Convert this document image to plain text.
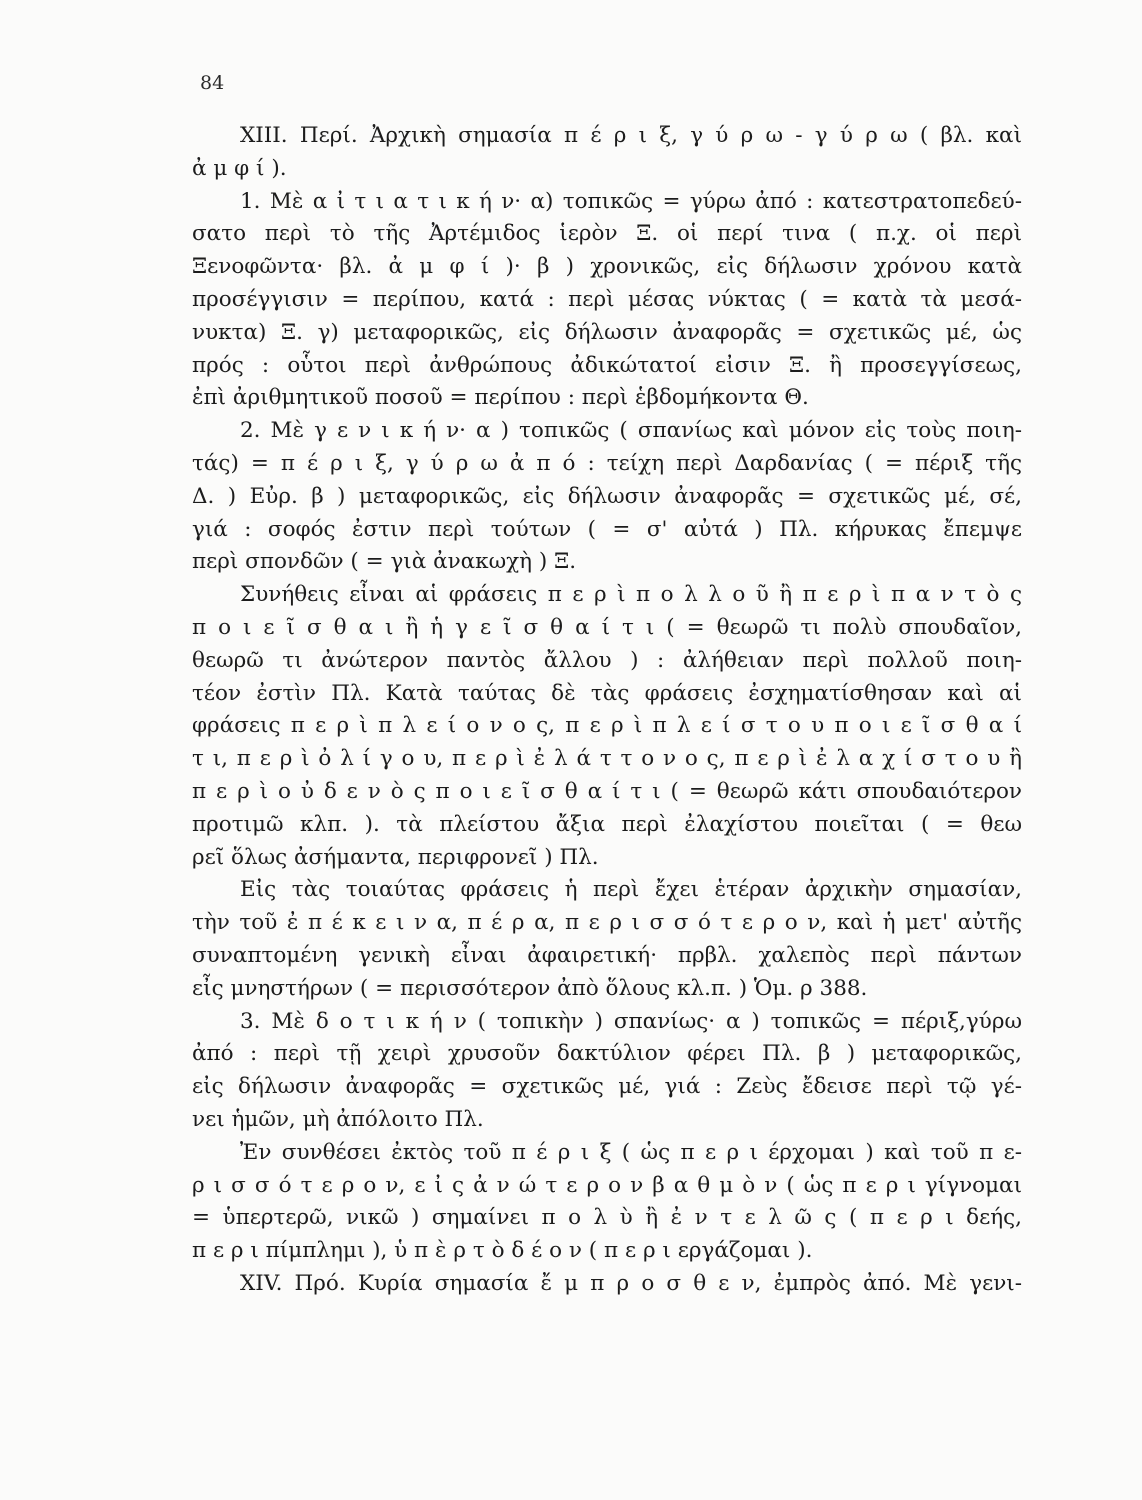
84
XIII. Περί. Ἀρχικὴ σημασία π έ ρ ι ξ, γ ύ ρ ω - γ ύ ρ ω ( βλ. καὶ
ἀ μ φ ί ).
1. Μὲ α ἰ τ ι α τ ι κ ή ν· α) τοπικῶς = γύρω ἀπό : κατεστρατοπεδεύ-
σατο περὶ τὸ τῆς Ἀρτέμιδος ἱερὸν Ξ. οἱ περί τινα ( π.χ. οἱ περὶ
Ξενοφῶντα· βλ. ἀ μ φ ί )· β ) χρονικῶς, εἰς δήλωσιν χρόνου κατὰ
προσέγγισιν = περίπου, κατά : περὶ μέσας νύκτας ( = κατὰ τὰ μεσά-
νυκτα) Ξ. γ) μεταφορικῶς, εἰς δήλωσιν ἀναφορᾶς = σχετικῶς μέ, ὡς
πρός : οὗτοι περὶ ἀνθρώπους ἀδικώτατοί εἰσιν Ξ. ἢ προσεγγίσεως,
ἐπὶ ἀριθμητικοῦ ποσοῦ = περίπου : περὶ ἑβδομήκοντα Θ.
2. Μὲ γ ε ν ι κ ή ν· α ) τοπικῶς ( σπανίως καὶ μόνον εἰς τοὺς ποιη-
τάς) = π έ ρ ι ξ, γ ύ ρ ω ἀ π ό : τείχη περὶ Δαρδανίας ( = πέριξ τῆς
Δ. ) Εὐρ. β ) μεταφορικῶς, εἰς δήλωσιν ἀναφορᾶς = σχετικῶς μέ, σέ,
γιά : σοφός ἐστιν περὶ τούτων ( = σ' αὐτά ) Πλ. κήρυκας ἔπεμψε
περὶ σπονδῶν ( = γιὰ ἀνακωχὴ ) Ξ.
Συνήθεις εἶναι αἱ φράσεις π ε ρ ὶ π ο λ λ ο ῦ ἢ π ε ρ ὶ π α ν τ ὸ ς
π ο ι ε ῖ σ θ α ι ἢ ἡ γ ε ῖ σ θ α ί τ ι ( = θεωρῶ τι πολὺ σπουδαῖον,
θεωρῶ τι ἀνώτερον παντὸς ἄλλου ) : ἀλήθειαν περὶ πολλοῦ ποιη-
τέον ἐστὶν Πλ. Κατὰ ταύτας δὲ τὰς φράσεις ἐσχηματίσθησαν καὶ αἱ
φράσεις π ε ρ ὶ π λ ε ί ο ν ο ς, π ε ρ ὶ π λ ε ί σ τ ο υ π ο ι ε ῖ σ θ α ί
τ ι, π ε ρ ὶ ὀ λ ί γ ο υ, π ε ρ ὶ ἐ λ ά τ τ ο ν ο ς, π ε ρ ὶ ἐ λ α χ ί σ τ ο υ ἢ
π ε ρ ὶ ο ὐ δ ε ν ὸ ς π ο ι ε ῖ σ θ α ί τ ι ( = θεωρῶ κάτι σπουδαιότερον
προτιμῶ κλπ. ). τὰ πλείστου ἄξια περὶ ἐλαχίστου ποιεῖται ( = θεω
ρεῖ ὅλως ἀσήμαντα, περιφρονεῖ ) Πλ.
Εἰς τὰς τοιαύτας φράσεις ἡ περὶ ἔχει ἑτέραν ἀρχικὴν σημασίαν,
τὴν τοῦ ἐ π έ κ ε ι ν α, π έ ρ α, π ε ρ ι σ σ ό τ ε ρ ο ν, καὶ ἡ μετ' αὐτῆς
συναπτομένη γενικὴ εἶναι ἀφαιρετική· πρβλ. χαλεπὸς περὶ πάντων
εἶς μνηστήρων ( = περισσότερον ἀπὸ ὅλους κλ.π. ) Ὁμ. ρ 388.
3. Μὲ δ ο τ ι κ ή ν ( τοπικὴν ) σπανίως· α ) τοπικῶς = πέριξ,γύρω
ἀπό : περὶ τῇ χειρὶ χρυσοῦν δακτύλιον φέρει Πλ. β ) μεταφορικῶς,
εἰς δήλωσιν ἀναφορᾶς = σχετικῶς μέ, γιά : Ζεὺς ἔδεισε περὶ τῷ γέ-
νει ἡμῶν, μὴ ἀπόλοιτο Πλ.
Ἐν συνθέσει ἐκτὸς τοῦ π έ ρ ι ξ ( ὡς π ε ρ ι έρχομαι ) καὶ τοῦ π ε-
ρ ι σ σ ό τ ε ρ ο ν, ε ἰ ς ἀ ν ώ τ ε ρ ο ν β α θ μ ὸ ν ( ὡς π ε ρ ι γίγνομαι
= ὑπερτερῶ, νικῶ ) σημαίνει π ο λ ὺ ἢ ἐ ν τ ε λ ῶ ς ( π ε ρ ι δεής,
π ε ρ ι πίμπλημι ), ὑ π ὲ ρ τ ὸ δ έ ο ν ( π ε ρ ι εργάζομαι ).
XIV. Πρό. Κυρία σημασία ἔ μ π ρ ο σ θ ε ν, ἐμπρὸς ἀπό. Μὲ γενι-
